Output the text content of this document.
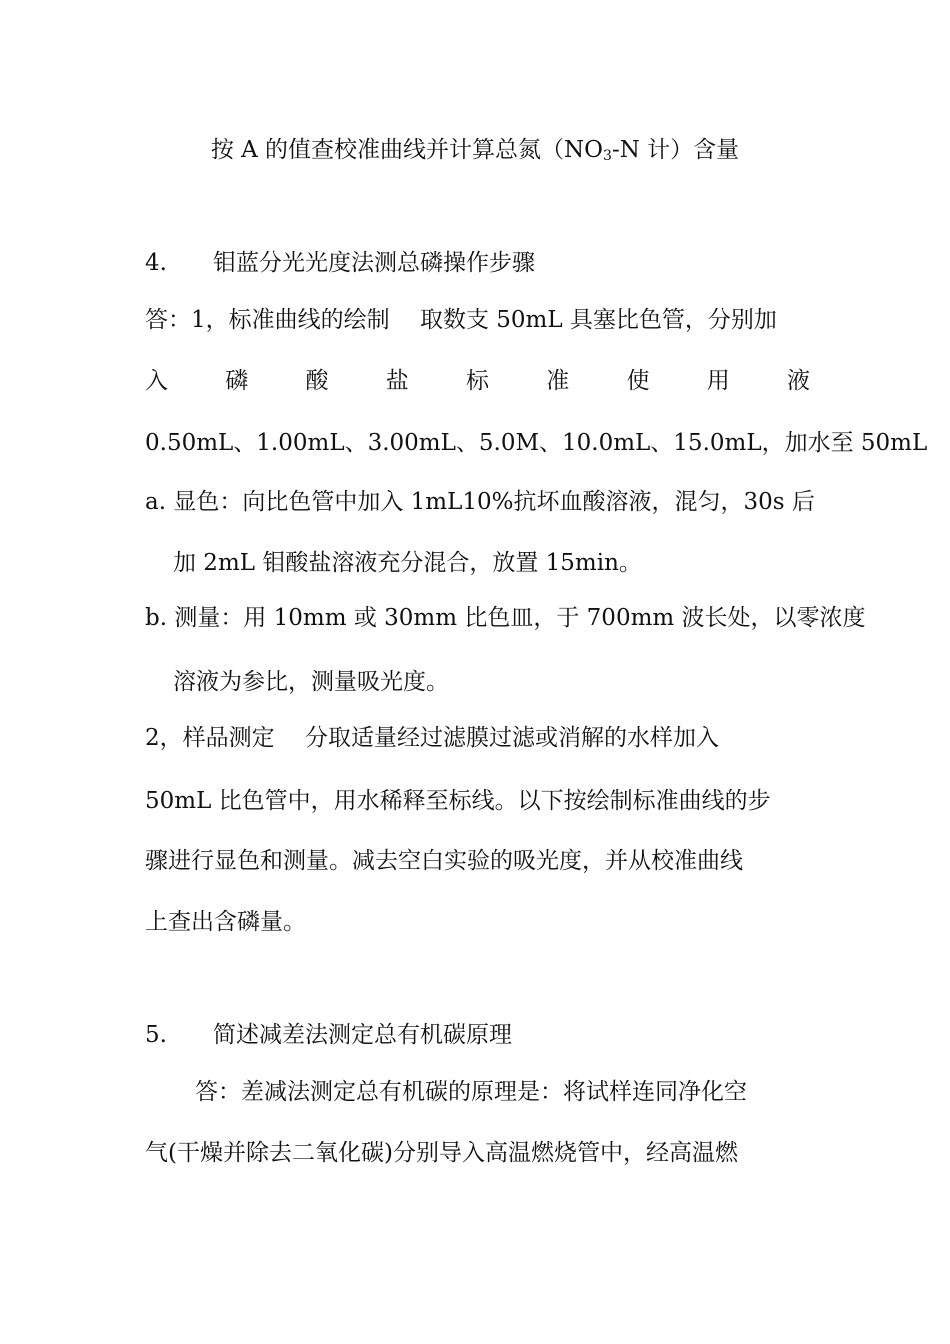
按 A 的值查校准曲线并计算总氮（$NO_3-N$ 计）含量
4. 钼蓝分光光度法测总磷操作步骤
答：1，标准曲线的绘制　 取数支 50mL 具塞比色管，分别加
入 磷 酸 盐 标 准 使 用 液
0.50mL、1.00mL、3.00mL、5.0M、10.0mL、15.0mL，加水至 50mL
a. 显色：向比色管中加入 1mL10%抗坏血酸溶液，混匀，30s 后
加 2mL 钼酸盐溶液充分混合，放置 15min。
b. 测量：用 10mm 或 30mm 比色皿，于 700mm 波长处，以零浓度
溶液为参比，测量吸光度。
2，样品测定　 分取适量经过滤膜过滤或消解的水样加入
50mL 比色管中，用水稀释至标线。以下按绘制标准曲线的步
骤进行显色和测量。减去空白实验的吸光度，并从校准曲线
上查出含磷量。
5. 简述减差法测定总有机碳原理
答：差减法测定总有机碳的原理是：将试样连同净化空
气(干燥并除去二氧化碳)分别导入高温燃烧管中，经高温燃
